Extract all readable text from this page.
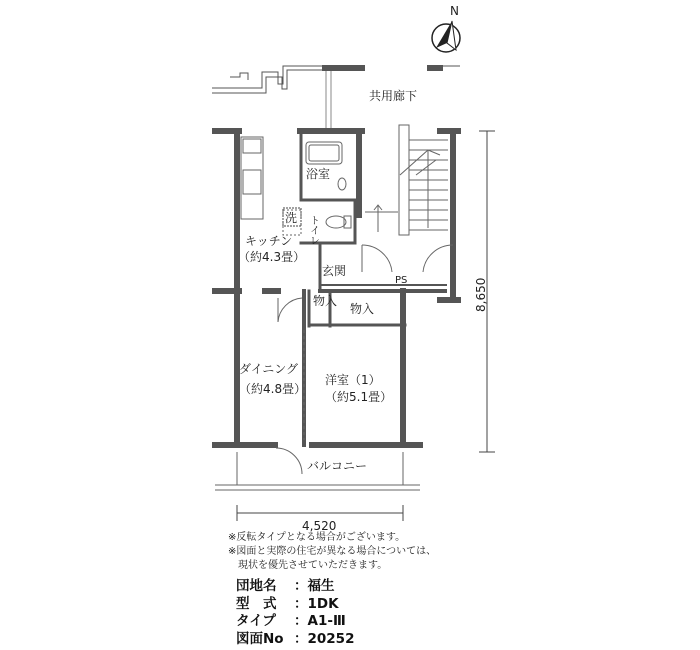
N
共用廊下
浴室
洗 トイレ
キッチン
（約4.3畳）
玄関
PS
物入
物入
ダイニング
（約4.8畳）
洋室（1）
（約5.1畳）
バルコニー
4,520
8,650
※反転タイプとなる場合がございます。
※図面と実際の住宅が異なる場合については、
　現状を優先させていただきます。
団地名 ：福生
型　式 ：1DK
タイプ ：A1-Ⅲ
図面No ：20252
